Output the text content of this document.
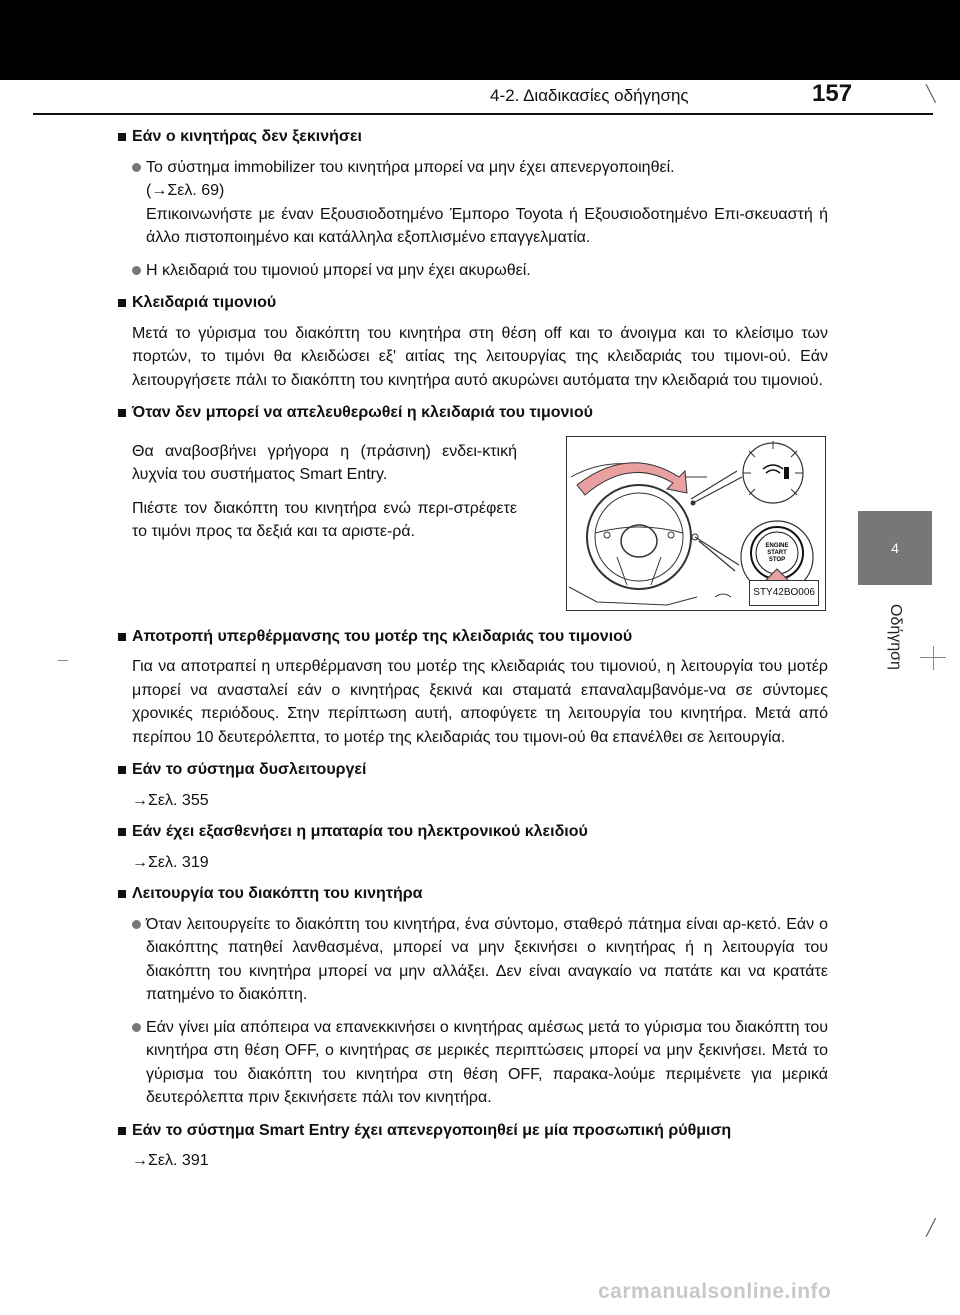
4-2. Διαδικασίες οδήγησης	157	╲
╱
4
Οδήγηση
Εάν ο κινητήρας δεν ξεκινήσει
Το σύστημα immobilizer του κινητήρα μπορεί να μην έχει απενεργοποιηθεί.
(→Σελ. 69)
Επικοινωνήστε με έναν Εξουσιοδοτημένο Έμπορο Toyota ή Εξουσιοδοτημένο Επι-σκευαστή ή άλλο πιστοποιημένο και κατάλληλα εξοπλισμένο επαγγελματία.
Η κλειδαριά του τιμονιού μπορεί να μην έχει ακυρωθεί.
Κλειδαριά τιμονιού
Μετά το γύρισμα του διακόπτη του κινητήρα στη θέση off και το άνοιγμα και το κλείσιμο των πορτών, το τιμόνι θα κλειδώσει εξ' αιτίας της λειτουργίας της κλειδαριάς του τιμονι-ού. Εάν λειτουργήσετε πάλι το διακόπτη του κινητήρα αυτό ακυρώνει αυτόματα την κλειδαριά του τιμονιού.
Όταν δεν μπορεί να απελευθερωθεί η κλειδαριά του τιμονιού
Θα αναβοσβήνει γρήγορα η (πράσινη) ενδει-κτική λυχνία του συστήματος Smart Entry.
Πιέστε τον διακόπτη του κινητήρα ενώ περι-στρέφετε το τιμόνι προς τα δεξιά και τα αριστε-ρά.
ENGINE
START
STOP
STY42BO006
Αποτροπή υπερθέρμανσης του μοτέρ της κλειδαριάς του τιμονιού
Για να αποτραπεί η υπερθέρμανση του μοτέρ της κλειδαριάς του τιμονιού, η λειτουργία του μοτέρ μπορεί να ανασταλεί εάν ο κινητήρας ξεκινά και σταματά επαναλαμβανόμε-να σε σύντομες χρονικές περιόδους. Στην περίπτωση αυτή, αποφύγετε τη λειτουργία του κινητήρα. Μετά από περίπου 10 δευτερόλεπτα, το μοτέρ της κλειδαριάς του τιμονι-ού θα επανέλθει σε λειτουργία.
Εάν το σύστημα δυσλειτουργεί
→Σελ. 355
Εάν έχει εξασθενήσει η μπαταρία του ηλεκτρονικού κλειδιού
→Σελ. 319
Λειτουργία του διακόπτη του κινητήρα
Όταν λειτουργείτε το διακόπτη του κινητήρα, ένα σύντομο, σταθερό πάτημα είναι αρ-κετό. Εάν ο διακόπτης πατηθεί λανθασμένα, μπορεί να μην ξεκινήσει ο κινητήρας ή η λειτουργία του διακόπτη του κινητήρα μπορεί να μην αλλάξει. Δεν είναι αναγκαίο να πατάτε και να κρατάτε πατημένο το διακόπτη.
Εάν γίνει μία απόπειρα να επανεκκινήσει ο κινητήρας αμέσως μετά το γύρισμα του διακόπτη του κινητήρα στη θέση OFF, ο κινητήρας σε μερικές περιπτώσεις μπορεί να μην ξεκινήσει. Μετά το γύρισμα του διακόπτη του κινητήρα στη θέση OFF, παρακα-λούμε περιμένετε για μερικά δευτερόλεπτα πριν ξεκινήσετε πάλι τον κινητήρα.
Εάν το σύστημα Smart Entry έχει απενεργοποιηθεί με μία προσωπική ρύθμιση
→Σελ. 391
carmanualsonline.info
